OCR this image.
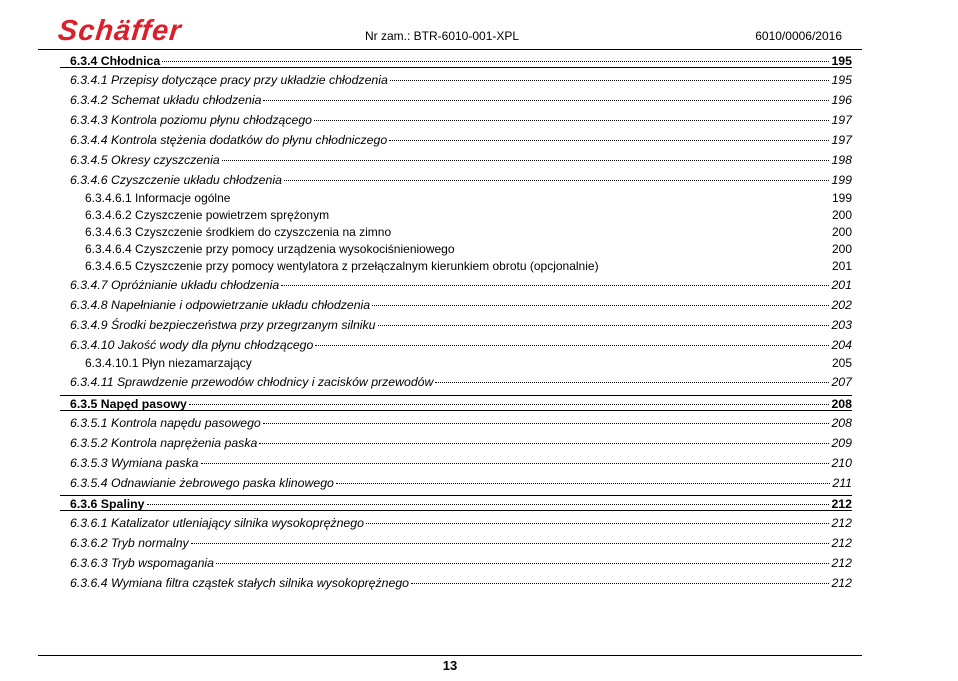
Schäffer	Nr zam.: BTR-6010-001-XPL	6010/0006/2016
6.3.4 Chłodnica	195
6.3.4.1 Przepisy dotyczące pracy przy układzie chłodzenia	195
6.3.4.2 Schemat układu chłodzenia	196
6.3.4.3 Kontrola poziomu płynu chłodzącego	197
6.3.4.4 Kontrola stężenia dodatków do płynu chłodniczego	197
6.3.4.5 Okresy czyszczenia	198
6.3.4.6 Czyszczenie układu chłodzenia	199
6.3.4.6.1 Informacje ogólne	199
6.3.4.6.2 Czyszczenie powietrzem sprężonym	200
6.3.4.6.3 Czyszczenie środkiem do czyszczenia na zimno	200
6.3.4.6.4 Czyszczenie przy pomocy urządzenia wysokociśnieniowego	200
6.3.4.6.5 Czyszczenie przy pomocy wentylatora z przełączalnym kierunkiem obrotu (opcjonalnie)	201
6.3.4.7 Opróżnianie układu chłodzenia	201
6.3.4.8 Napełnianie i odpowietrzanie układu chłodzenia	202
6.3.4.9 Środki bezpieczeństwa przy przegrzanym silniku	203
6.3.4.10 Jakość wody dla płynu chłodzącego	204
6.3.4.10.1 Płyn niezamarzający	205
6.3.4.11 Sprawdzenie przewodów chłodnicy i zacisków przewodów	207
6.3.5 Napęd pasowy	208
6.3.5.1 Kontrola napędu pasowego	208
6.3.5.2 Kontrola naprężenia paska	209
6.3.5.3 Wymiana paska	210
6.3.5.4 Odnawianie żebrowego paska klinowego	211
6.3.6 Spaliny	212
6.3.6.1 Katalizator utleniający silnika wysokoprężnego	212
6.3.6.2 Tryb normalny	212
6.3.6.3 Tryb wspomagania	212
6.3.6.4 Wymiana filtra cząstek stałych silnika wysokoprężnego	212
13
